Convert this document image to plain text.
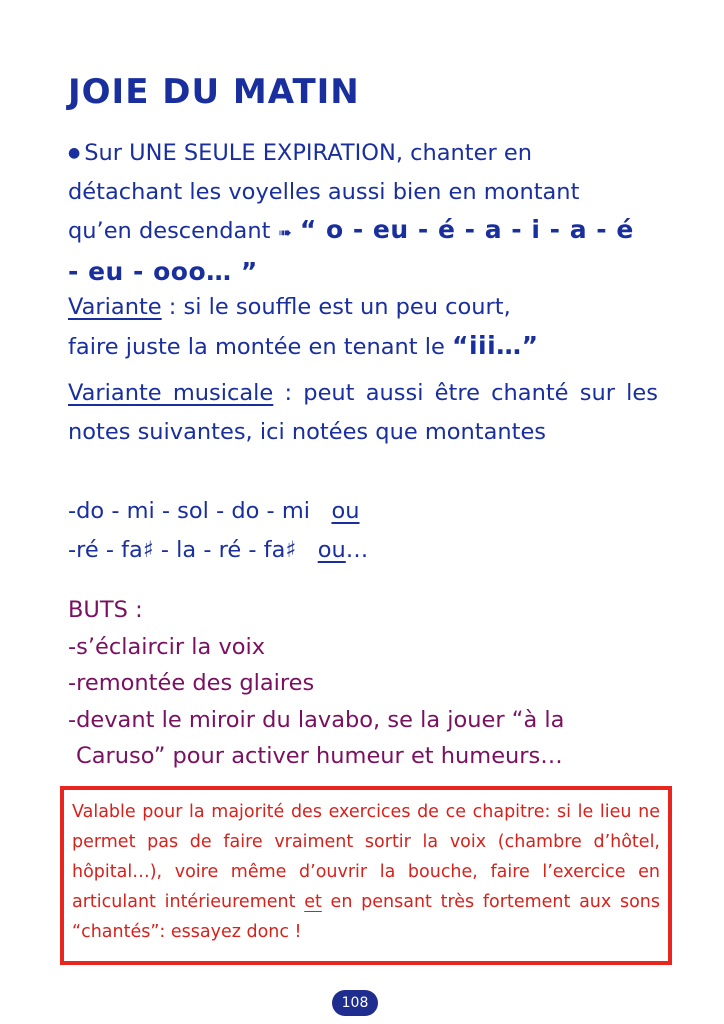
JOIE DU MATIN
● Sur UNE SEULE EXPIRATION, chanter en
détachant les voyelles aussi bien en montant
qu’en descendant ➠ “ o - eu - é - a - i - a - é
- eu - ooo… ”
Variante : si le souffle est un peu court,
faire juste la montée en tenant le “iii…”
Variante musicale : peut aussi être chanté sur les notes suivantes, ici notées que montantes
-do - mi - sol - do - mi ou
-ré - fa♯ - la - ré - fa♯ ou…
BUTS :
-s’éclaircir la voix
-remontée des glaires
-devant le miroir du lavabo, se la jouer “à la
Caruso” pour activer humeur et humeurs…
Valable pour la majorité des exercices de ce chapitre: si le lieu ne permet pas de faire vraiment sortir la voix (chambre d’hôtel, hôpital…), voire même d’ouvrir la bouche, faire l’exercice en articulant intérieurement et en pensant très fortement aux sons “chantés”: essayez donc !
108
